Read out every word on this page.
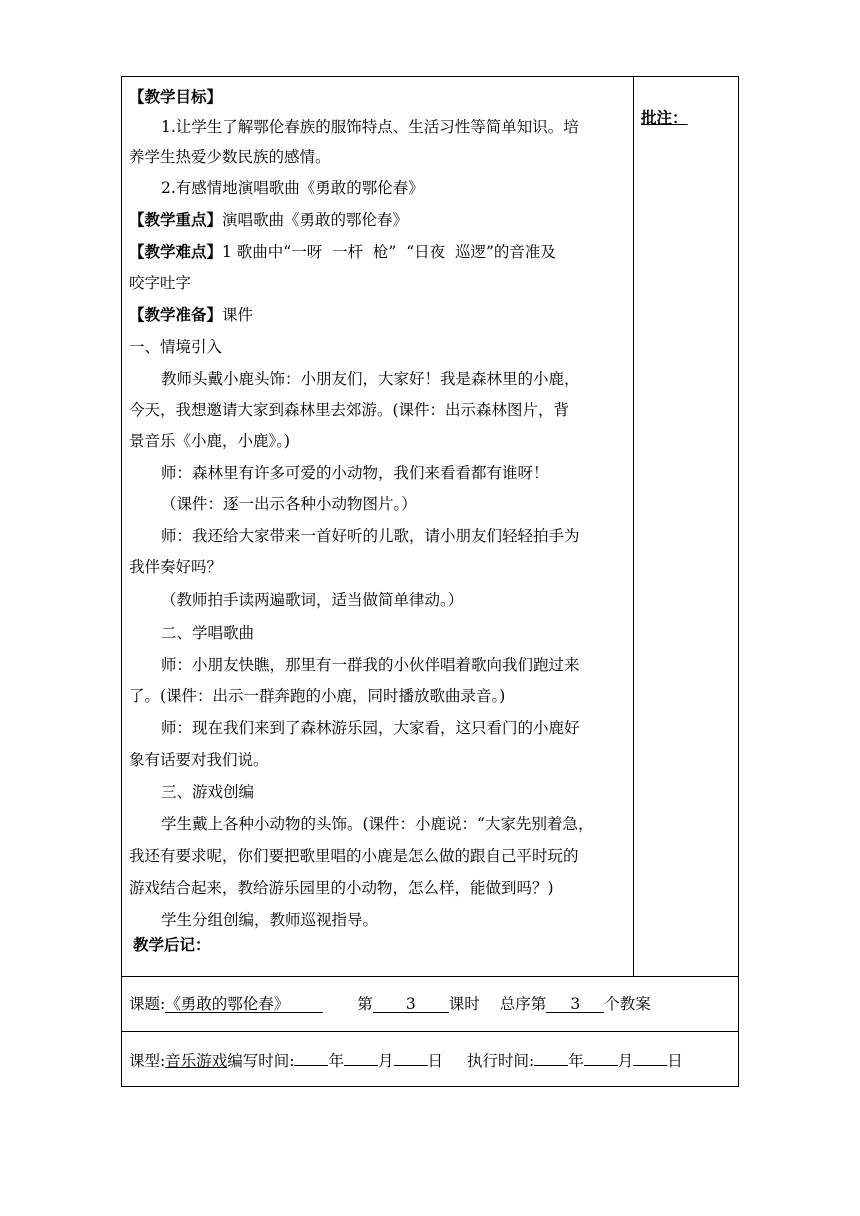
批注：
【教学目标】
1.让学生了解鄂伦春族的服饰特点、生活习性等简单知识。培
养学生热爱少数民族的感情。
2.有感情地演唱歌曲《勇敢的鄂伦春》
【教学重点】演唱歌曲《勇敢的鄂伦春》
【教学难点】1 歌曲中“一呀  一杆  枪”  “日夜  巡逻”的音准及
咬字吐字
【教学准备】课件
一、情境引入
教师头戴小鹿头饰：小朋友们，大家好！我是森林里的小鹿，
今天，我想邀请大家到森林里去郊游。(课件：出示森林图片，背
景音乐《小鹿，小鹿》。)
师：森林里有许多可爱的小动物，我们来看看都有谁呀！
（课件：逐一出示各种小动物图片。）
师：我还给大家带来一首好听的儿歌，请小朋友们轻轻拍手为
我伴奏好吗？
（教师拍手读两遍歌词，适当做简单律动。）
二、学唱歌曲
师：小朋友快瞧，那里有一群我的小伙伴唱着歌向我们跑过来
了。(课件：出示一群奔跑的小鹿，同时播放歌曲录音。)
师：现在我们来到了森林游乐园，大家看，这只看门的小鹿好
象有话要对我们说。
三、游戏创编
学生戴上各种小动物的头饰。(课件：小鹿说：“大家先别着急，
我还有要求呢，你们要把歌里唱的小鹿是怎么做的跟自己平时玩的
游戏结合起来，教给游乐园里的小动物，怎么样，能做到吗？)
学生分组创编，教师巡视指导。
教学后记：
课题:《勇敢的鄂伦春》	第 3 课时 总序第 3 个教案
课型:音乐游戏编写时间: 年 月 日 执行时间: 年 月 日
